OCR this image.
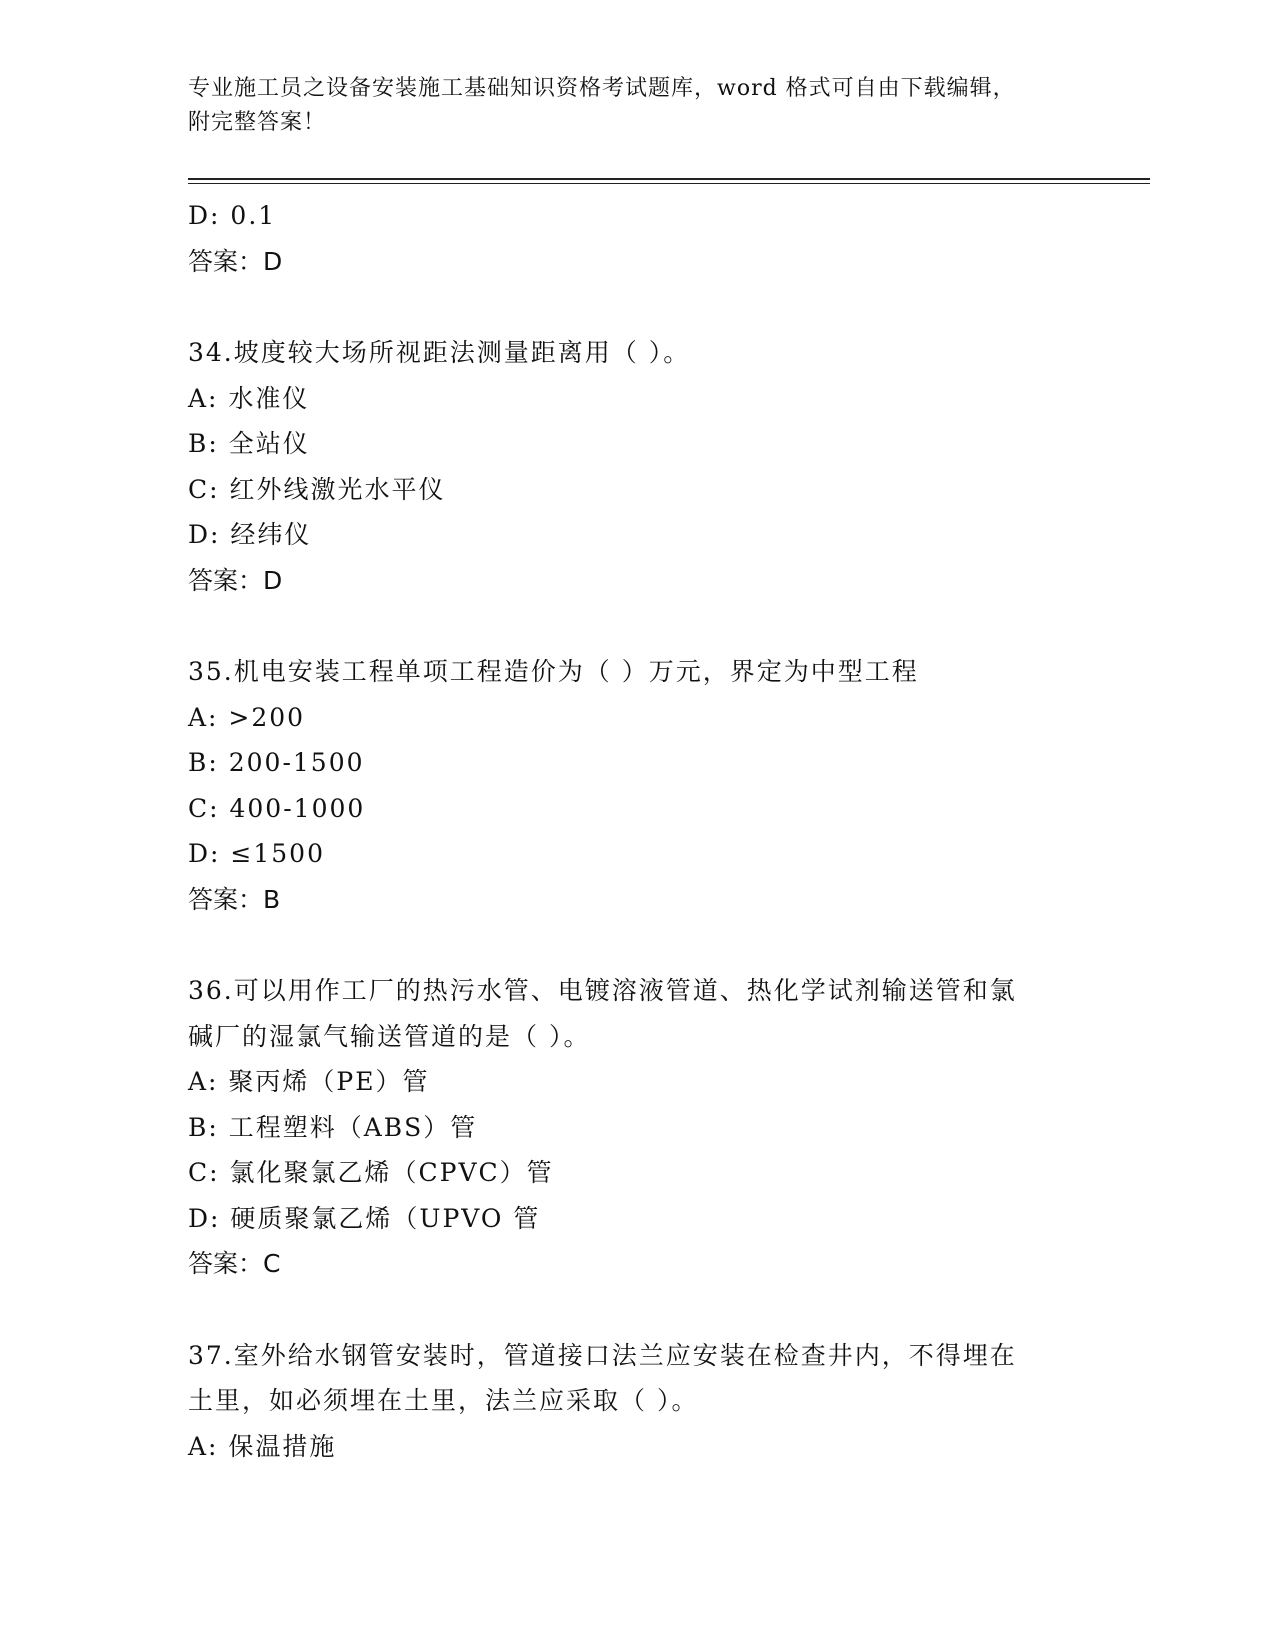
专业施工员之设备安装施工基础知识资格考试题库，word 格式可自由下载编辑，
附完整答案！
D: 0.1
答案：D
34.坡度较大场所视距法测量距离用（ ）。
A: 水准仪
B: 全站仪
C: 红外线激光水平仪
D: 经纬仪
答案：D
35.机电安装工程单项工程造价为（ ）万元，界定为中型工程
A: >200
B: 200-1500
C: 400-1000
D: ≤1500
答案：B
36.可以用作工厂的热污水管、电镀溶液管道、热化学试剂输送管和氯
碱厂的湿氯气输送管道的是（ ）。
A: 聚丙烯（PE）管
B: 工程塑料（ABS）管
C: 氯化聚氯乙烯（CPVC）管
D: 硬质聚氯乙烯（UPVO 管
答案：C
37.室外给水钢管安装时，管道接口法兰应安装在检查井内，不得埋在
土里，如必须埋在土里，法兰应采取（ ）。
A: 保温措施
